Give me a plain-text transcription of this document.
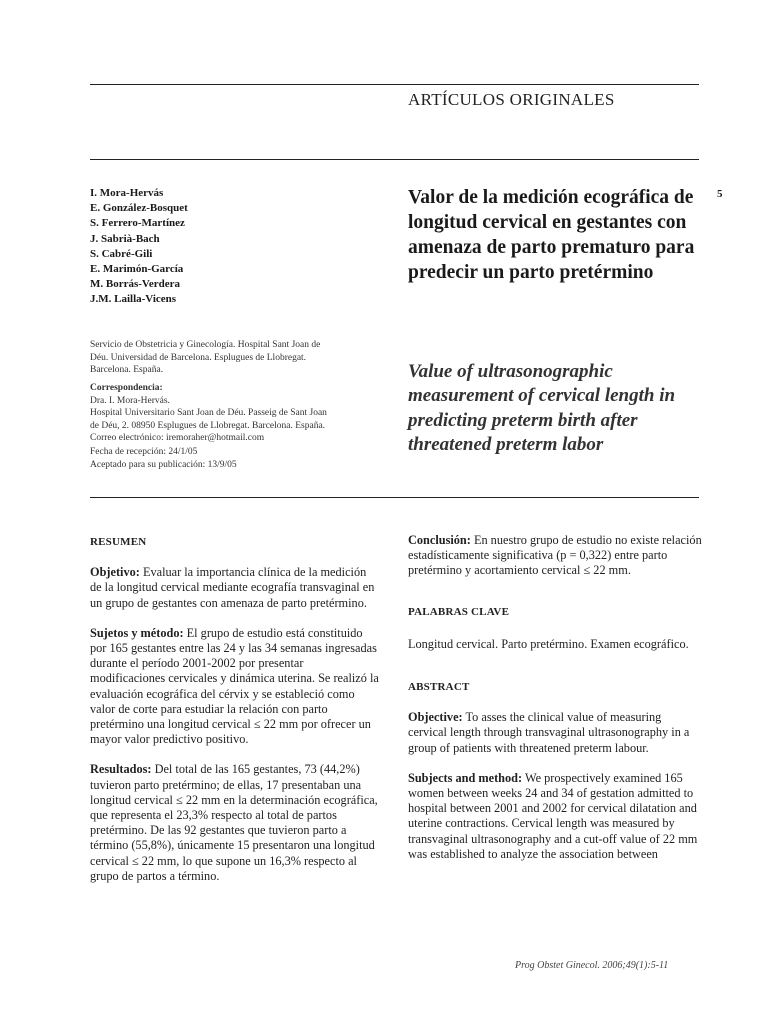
ARTÍCULOS ORIGINALES
5
I. Mora-Hervás
E. González-Bosquet
S. Ferrero-Martínez
J. Sabrià-Bach
S. Cabré-Gili
E. Marimón-García
M. Borrás-Verdera
J.M. Lailla-Vicens
Servicio de Obstetricia y Ginecología. Hospital Sant Joan de
Déu. Universidad de Barcelona. Esplugues de Llobregat.
Barcelona. España.
Correspondencia:
Dra. I. Mora-Hervás.
Hospital Universitario Sant Joan de Déu. Passeig de Sant Joan
de Déu, 2. 08950 Esplugues de Llobregat. Barcelona. España.
Correo electrónico: iremoraher@hotmail.com
Fecha de recepción: 24/1/05
Aceptado para su publicación: 13/9/05
Valor de la medición ecográfica de longitud cervical en gestantes con amenaza de parto prematuro para predecir un parto pretérmino
Value of ultrasonographic measurement of cervical length in predicting preterm birth after threatened preterm labor
RESUMEN

Objetivo: Evaluar la importancia clínica de la medición de la longitud cervical mediante ecografía transvaginal en un grupo de gestantes con amenaza de parto pretérmino.

Sujetos y método: El grupo de estudio está constituido por 165 gestantes entre las 24 y las 34 semanas ingresadas durante el período 2001-2002 por presentar modificaciones cervicales y dinámica uterina. Se realizó la evaluación ecográfica del cérvix y se estableció como valor de corte para estudiar la relación con parto pretérmino una longitud cervical ≤ 22 mm por ofrecer un mayor valor predictivo positivo.

Resultados: Del total de las 165 gestantes, 73 (44,2%) tuvieron parto pretérmino; de ellas, 17 presentaban una longitud cervical ≤ 22 mm en la determinación ecográfica, que representa el 23,3% respecto al total de partos pretérmino. De las 92 gestantes que tuvieron parto a término (55,8%), únicamente 15 presentaron una longitud cervical ≤ 22 mm, lo que supone un 16,3% respecto al grupo de partos a término.

Conclusión: En nuestro grupo de estudio no existe relación estadísticamente significativa (p = 0,322) entre parto pretérmino y acortamiento cervical ≤ 22 mm.

PALABRAS CLAVE

Longitud cervical. Parto pretérmino. Examen ecográfico.

ABSTRACT

Objective: To asses the clinical value of measuring cervical length through transvaginal ultrasonography in a group of patients with threatened preterm labour.

Subjects and method: We prospectively examined 165 women between weeks 24 and 34 of gestation admitted to hospital between 2001 and 2002 for cervical dilatation and uterine contractions. Cervical length was measured by transvaginal ultrasonography and a cut-off value of 22 mm was established to analyze the association between

Prog Obstet Ginecol. 2006;49(1):5-11
